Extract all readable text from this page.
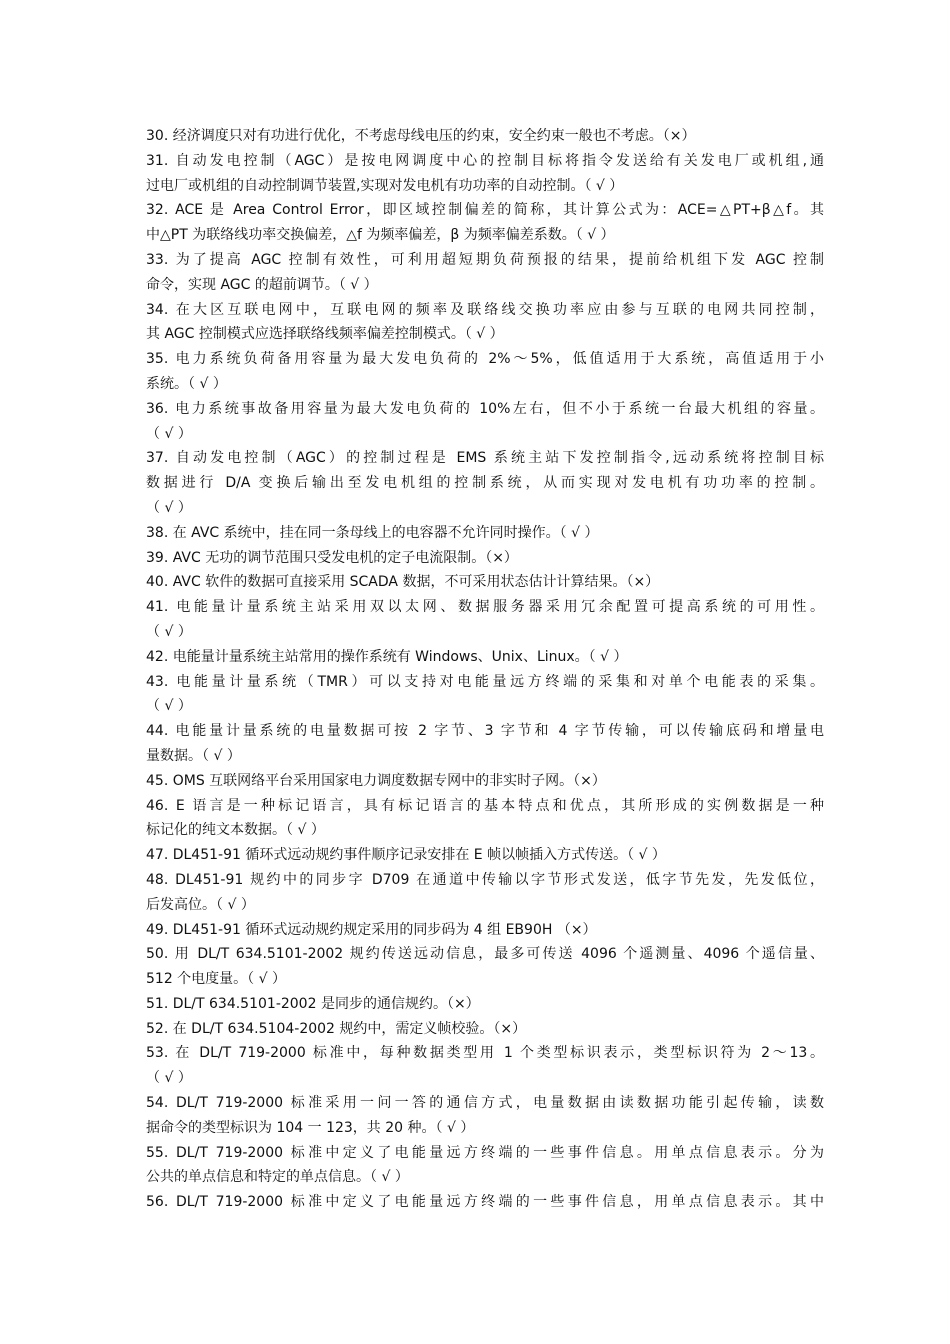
30. 经济调度只对有功进行优化，不考虑母线电压的约束，安全约束一般也不考虑。（×）
31. 自动发电控制（AGC）是按电网调度中心的控制目标将指令发送给有关发电厂或机组,通
过电厂或机组的自动控制调节装置,实现对发电机有功功率的自动控制。（ √ ）
32. ACE 是 Area Control Error，即区域控制偏差的简称，其计算公式为：ACE=△PT+β△f。其
中△PT 为联络线功率交换偏差，△f 为频率偏差，β 为频率偏差系数。（ √ ）
33. 为了提高 AGC 控制有效性，可利用超短期负荷预报的结果，提前给机组下发 AGC 控制
命令，实现 AGC 的超前调节。（ √ ）
34. 在大区互联电网中，互联电网的频率及联络线交换功率应由参与互联的电网共同控制，
其 AGC 控制模式应选择联络线频率偏差控制模式。（ √ ）
35. 电力系统负荷备用容量为最大发电负荷的 2%～5%，低值适用于大系统，高值适用于小
系统。（ √ ）
36. 电力系统事故备用容量为最大发电负荷的 10%左右，但不小于系统一台最大机组的容量。
（ √ ）
37. 自动发电控制（AGC）的控制过程是 EMS 系统主站下发控制指令,远动系统将控制目标
数据进行 D/A 变换后输出至发电机组的控制系统，从而实现对发电机有功功率的控制。
（ √ ）
38. 在 AVC 系统中，挂在同一条母线上的电容器不允许同时操作。（ √ ）
39. AVC 无功的调节范围只受发电机的定子电流限制。（×）
40. AVC 软件的数据可直接采用 SCADA 数据，不可采用状态估计计算结果。（×）
41. 电能量计量系统主站采用双以太网、数据服务器采用冗余配置可提高系统的可用性。
（ √ ）
42. 电能量计量系统主站常用的操作系统有 Windows、Unix、Linux。（ √ ）
43. 电能量计量系统（TMR）可以支持对电能量远方终端的采集和对单个电能表的采集。
（ √ ）
44. 电能量计量系统的电量数据可按 2 字节、3 字节和 4 字节传输，可以传输底码和增量电
量数据。（ √ ）
45. OMS 互联网络平台采用国家电力调度数据专网中的非实时子网。（×）
46. E 语言是一种标记语言，具有标记语言的基本特点和优点，其所形成的实例数据是一种
标记化的纯文本数据。（ √ ）
47. DL451-91 循环式远动规约事件顺序记录安排在 E 帧以帧插入方式传送。（ √ ）
48. DL451-91 规约中的同步字 D709 在通道中传输以字节形式发送，低字节先发，先发低位，
后发高位。（ √ ）
49. DL451-91 循环式远动规约规定采用的同步码为 4 组 EB90H （×）
50. 用 DL/T 634.5101-2002 规约传送远动信息，最多可传送 4096 个遥测量、4096 个遥信量、
512 个电度量。（ √ ）
51. DL/T 634.5101-2002 是同步的通信规约。（×）
52. 在 DL/T 634.5104-2002 规约中，需定义帧校验。（×）
53. 在 DL/T 719-2000 标准中，每种数据类型用 1 个类型标识表示，类型标识符为 2～13。
（ √ ）
54. DL/T 719-2000 标准采用一问一答的通信方式，电量数据由读数据功能引起传输，读数
据命令的类型标识为 104 一 123，共 20 种。（ √ ）
55. DL/T 719-2000 标准中定义了电能量远方终端的一些事件信息。用单点信息表示。分为
公共的单点信息和特定的单点信息。（ √ ）
56. DL/T 719-2000 标准中定义了电能量远方终端的一些事件信息，用单点信息表示。其中
